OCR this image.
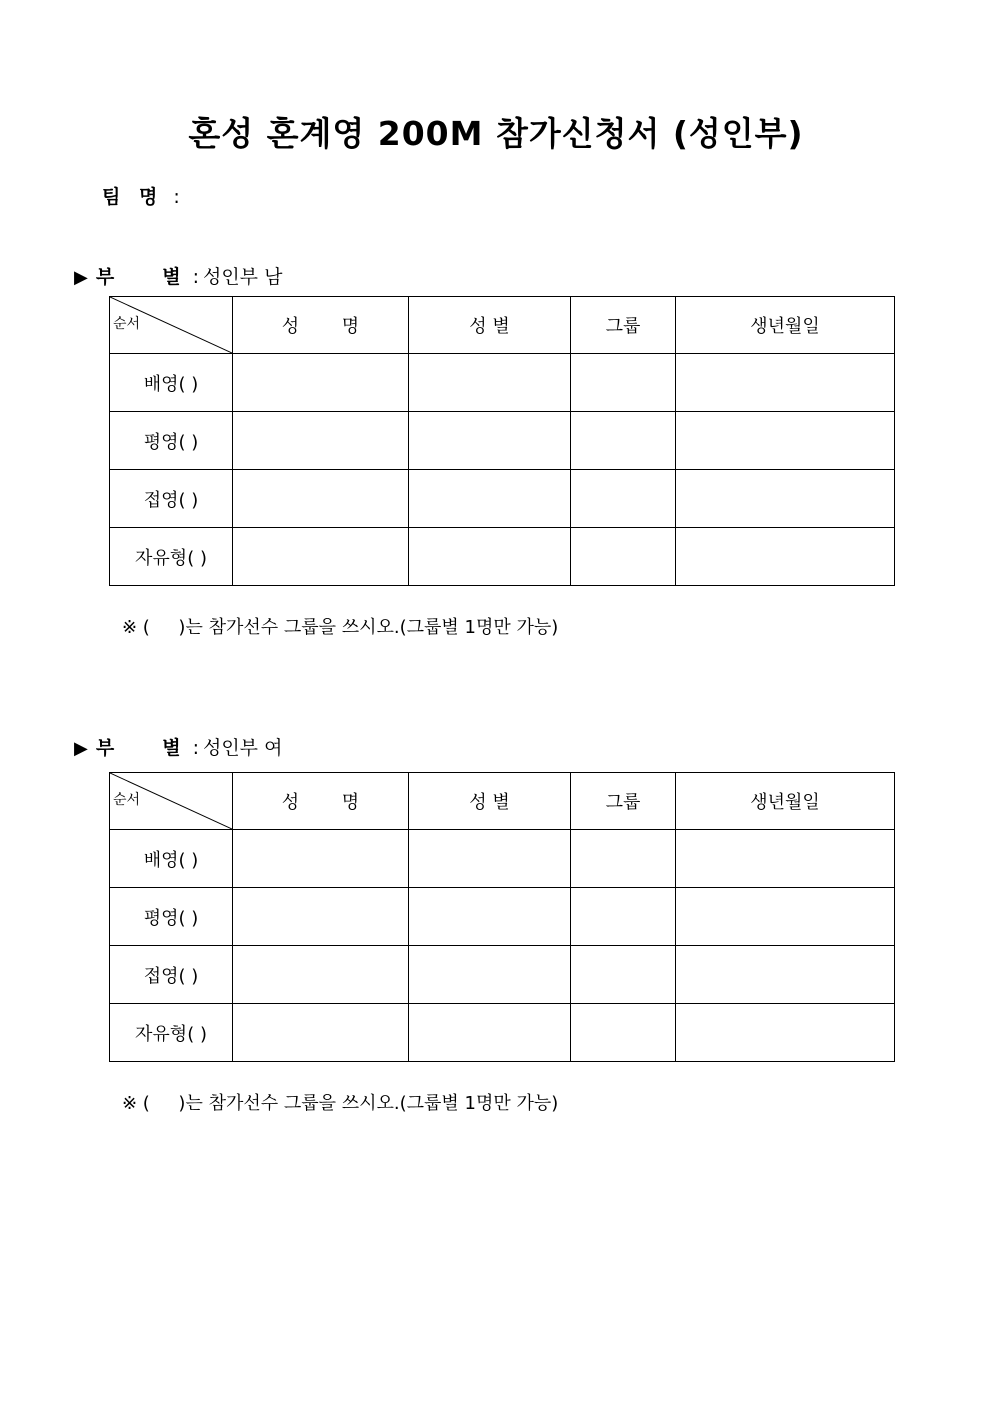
혼성 혼계영 200M 참가신청서 (성인부)
팀 명 :
▶ 부 별 : 성인부 남
순서	성 명	성 별	그룹	생년월일
배영( )				
평영( )				
접영( )				
자유형( )				
※ (     )는 참가선수 그룹을 쓰시오.(그룹별 1명만 가능)
▶ 부 별 : 성인부 여
순서	성 명	성 별	그룹	생년월일
배영( )				
평영( )				
접영( )				
자유형( )				
※ (     )는 참가선수 그룹을 쓰시오.(그룹별 1명만 가능)
